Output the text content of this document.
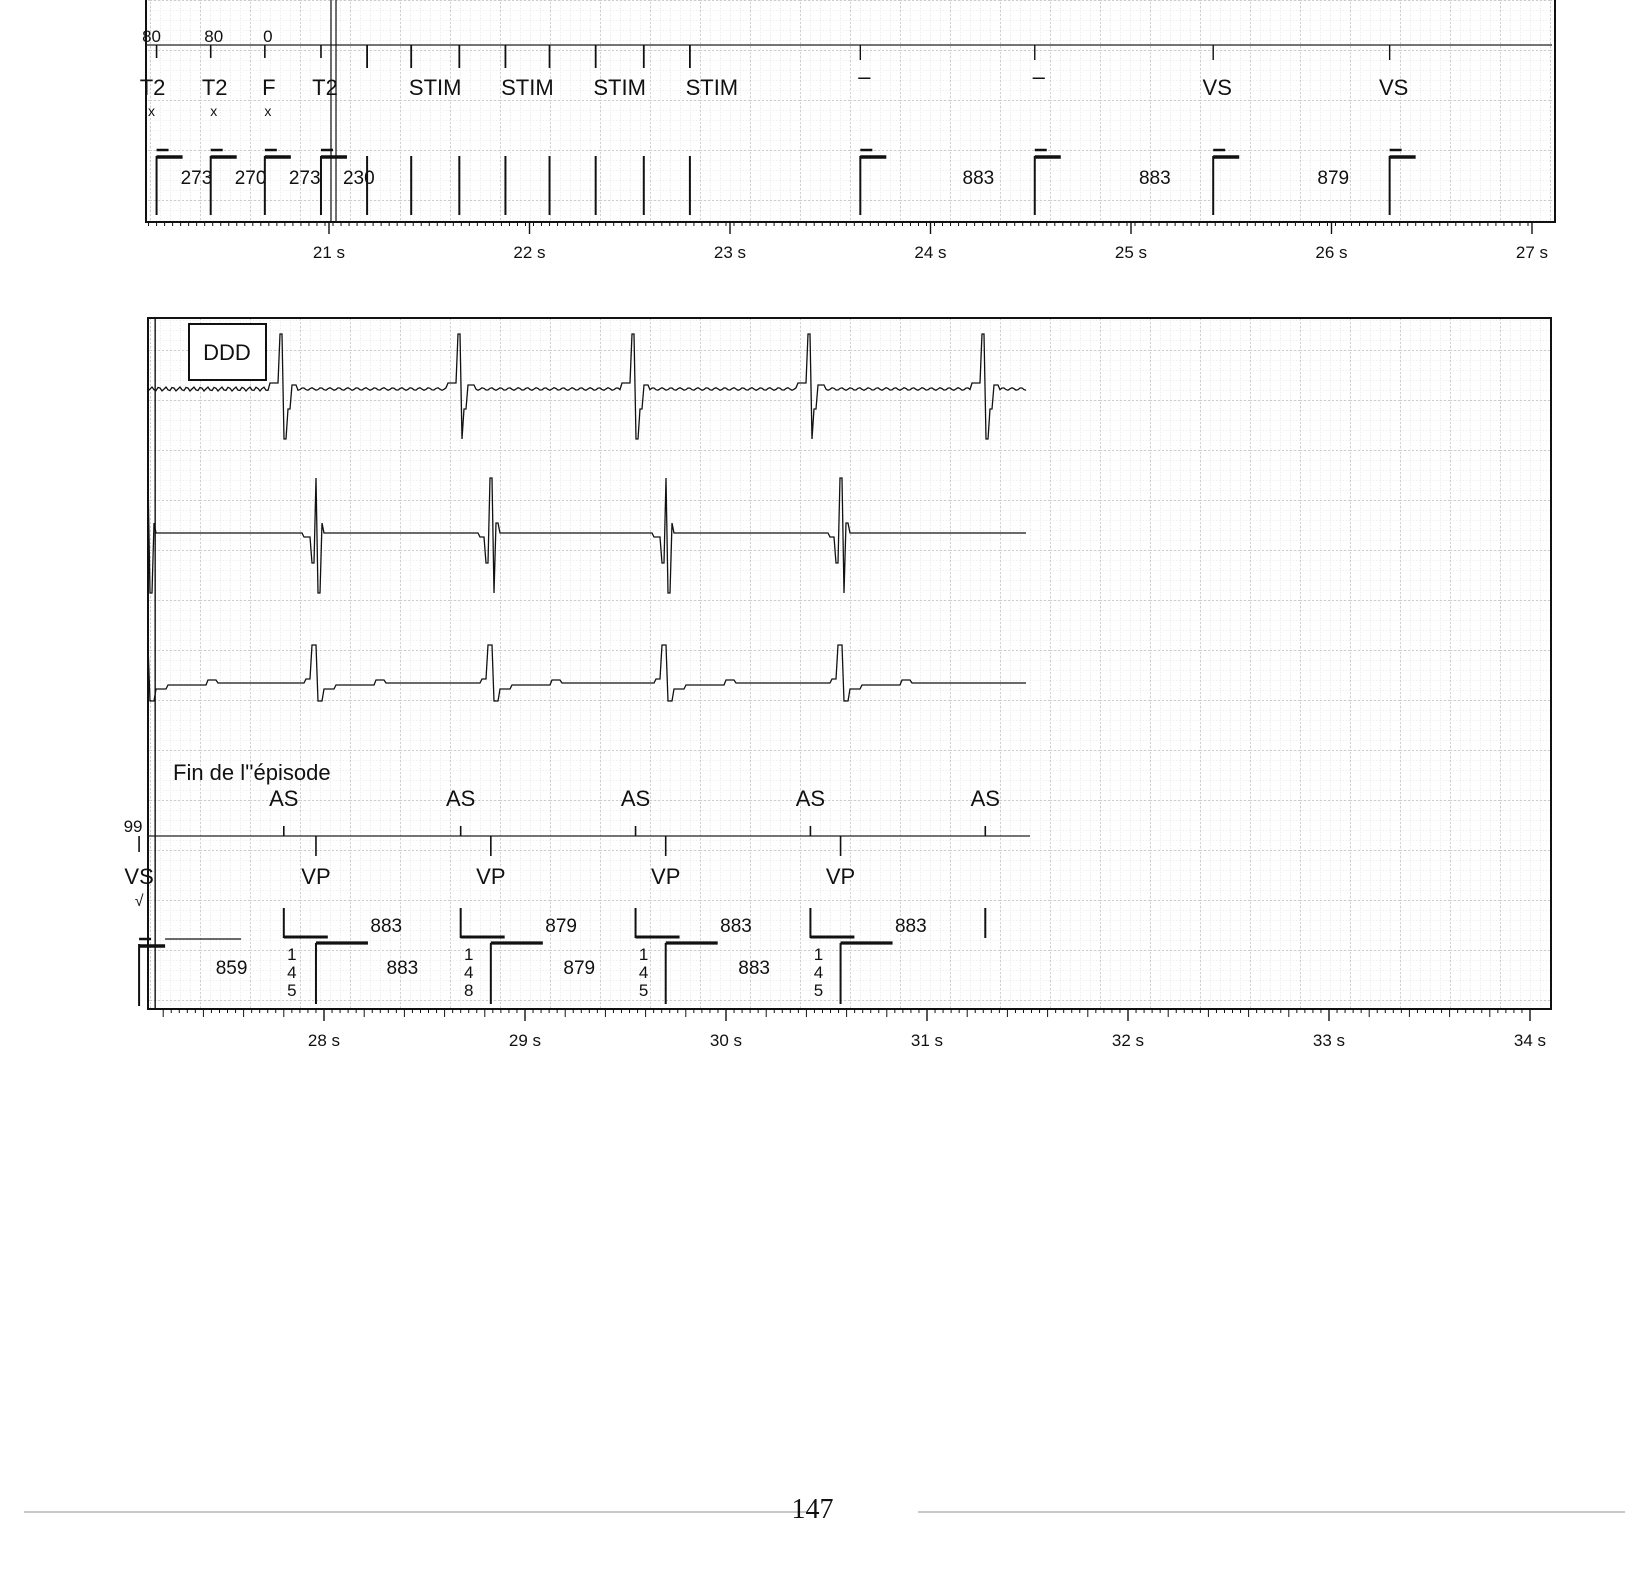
80	80 0
T2
x
T2
x
F
x
T2	STIM STIM STIM STIM	–	–	VS	VS
273 270 273 230	883	883	879
21 s	22 s	23 s	24 s	25 s	26 s	27 s
DDD
Fin de l''épisode
99
AS	AS	AS	AS	AS
VP	VP	VP	VP
VS
√
883	879	883	883
859	883	879	883
1
4
5
1
4
8
1
4
5
1
4
5
28 s	29 s	30 s	31 s	32 s	33 s	34 s
147
